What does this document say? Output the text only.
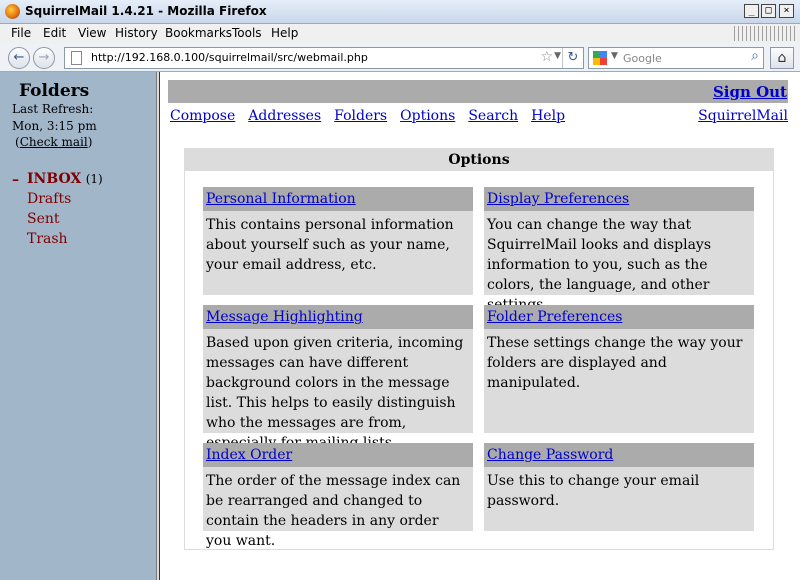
SquirrelMail 1.4.21 - Mozilla Firefox	_	□	×
File Edit View History Bookmarks Tools Help
←	→	http://192.168.0.100/squirrelmail/src/webmail.php	☆ ▼ ↻	▼ Google	⌕	⌂
Folders
Last Refresh:
Mon, 3:15 pm
(Check mail)
– INBOX (1)
Drafts
Sent
Trash
Sign Out
Compose Addresses Folders Options Search Help	SquirrelMail
Options
Personal Information
This contains personal information about yourself such as your name, your email address, etc.
Display Preferences
You can change the way that SquirrelMail looks and displays information to you, such as the colors, the language, and other
Message Highlighting
Based upon given criteria, incoming messages can have different background colors in the message list. This helps to easily distinguish who the messages are from,
Folder Preferences
These settings change the way your folders are displayed and manipulated.
Index Order
The order of the message index can be rearranged and changed to contain the headers in any order you want.
Change Password
Use this to change your email password.
